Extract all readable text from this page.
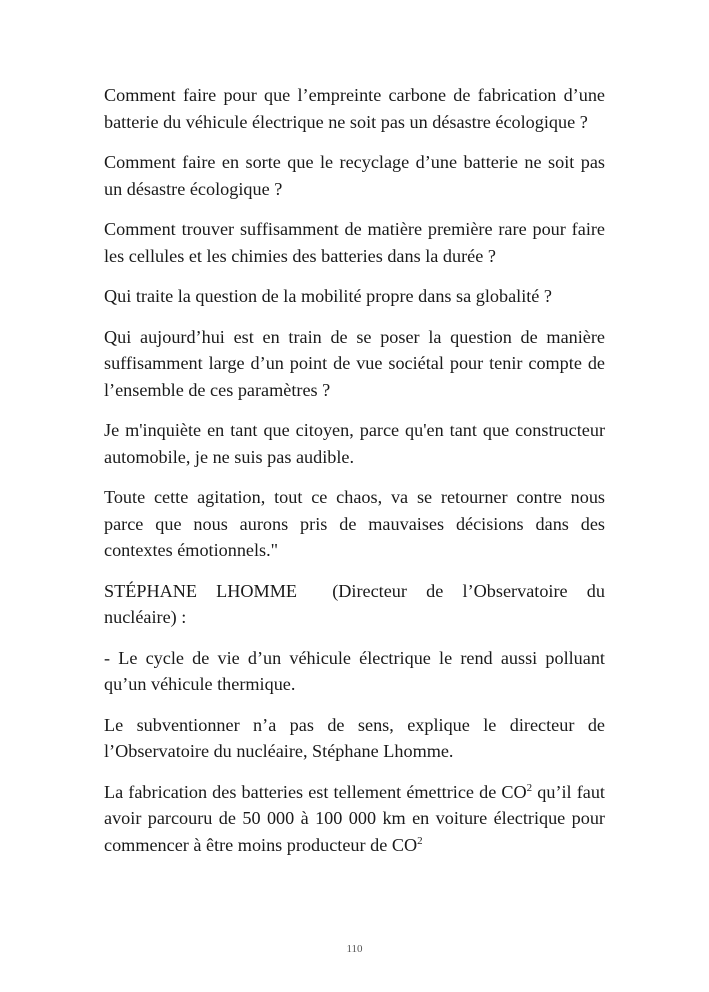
Comment faire pour que l’empreinte carbone de fabrication d’une batterie du véhicule électrique ne soit pas un désastre écologique ?

Comment faire en sorte que le recyclage d’une batterie ne soit pas un désastre écologique ?

Comment trouver suffisamment de matière première rare pour faire les cellules et les chimies des batteries dans la durée ?

Qui traite la question de la mobilité propre dans sa globalité ?

Qui aujourd’hui est en train de se poser la question de manière suffisamment large d’un point de vue sociétal pour tenir compte de l’ensemble de ces paramètres ?

Je m'inquiète en tant que citoyen, parce qu'en tant que constructeur automobile, je ne suis pas audible.

Toute cette agitation, tout ce chaos, va se retourner contre nous parce que nous aurons pris de mauvaises décisions dans des contextes émotionnels."

STÉPHANE LHOMME (Directeur de l’Observatoire du nucléaire) :

- Le cycle de vie d’un véhicule électrique le rend aussi polluant qu’un véhicule thermique.

Le subventionner n’a pas de sens, explique le directeur de l’Observatoire du nucléaire, Stéphane Lhomme.

La fabrication des batteries est tellement émettrice de $CO^2$ qu’il faut avoir parcouru de 50 000 à 100 000 km en voiture électrique pour commencer à être moins producteur de $CO^2$

110
